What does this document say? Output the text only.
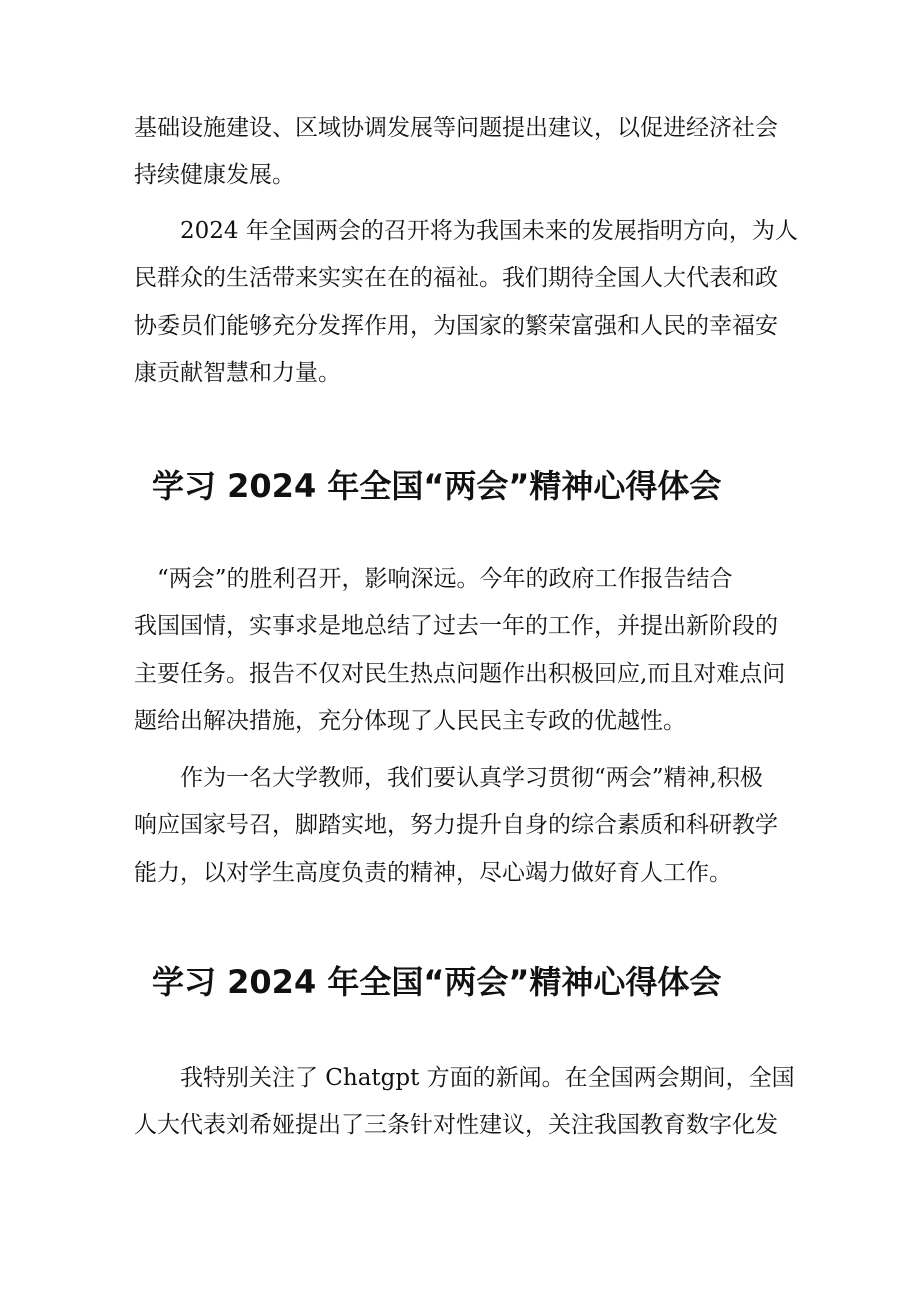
基础设施建设、区域协调发展等问题提出建议，以促进经济社会
持续健康发展。
　　2024 年全国两会的召开将为我国未来的发展指明方向，为人
民群众的生活带来实实在在的福祉。我们期待全国人大代表和政
协委员们能够充分发挥作用，为国家的繁荣富强和人民的幸福安
康贡献智慧和力量。
学习 2024 年全国“两会”精神心得体会
　“两会”的胜利召开，影响深远。今年的政府工作报告结合
我国国情，实事求是地总结了过去一年的工作，并提出新阶段的
主要任务。报告不仅对民生热点问题作出积极回应,而且对难点问
题给出解决措施，充分体现了人民民主专政的优越性。
　　作为一名大学教师，我们要认真学习贯彻“两会”精神,积极
响应国家号召，脚踏实地，努力提升自身的综合素质和科研教学
能力，以对学生高度负责的精神，尽心竭力做好育人工作。
学习 2024 年全国“两会”精神心得体会
　　我特别关注了 Chatgpt 方面的新闻。在全国两会期间，全国
人大代表刘希娅提出了三条针对性建议，关注我国教育数字化发
